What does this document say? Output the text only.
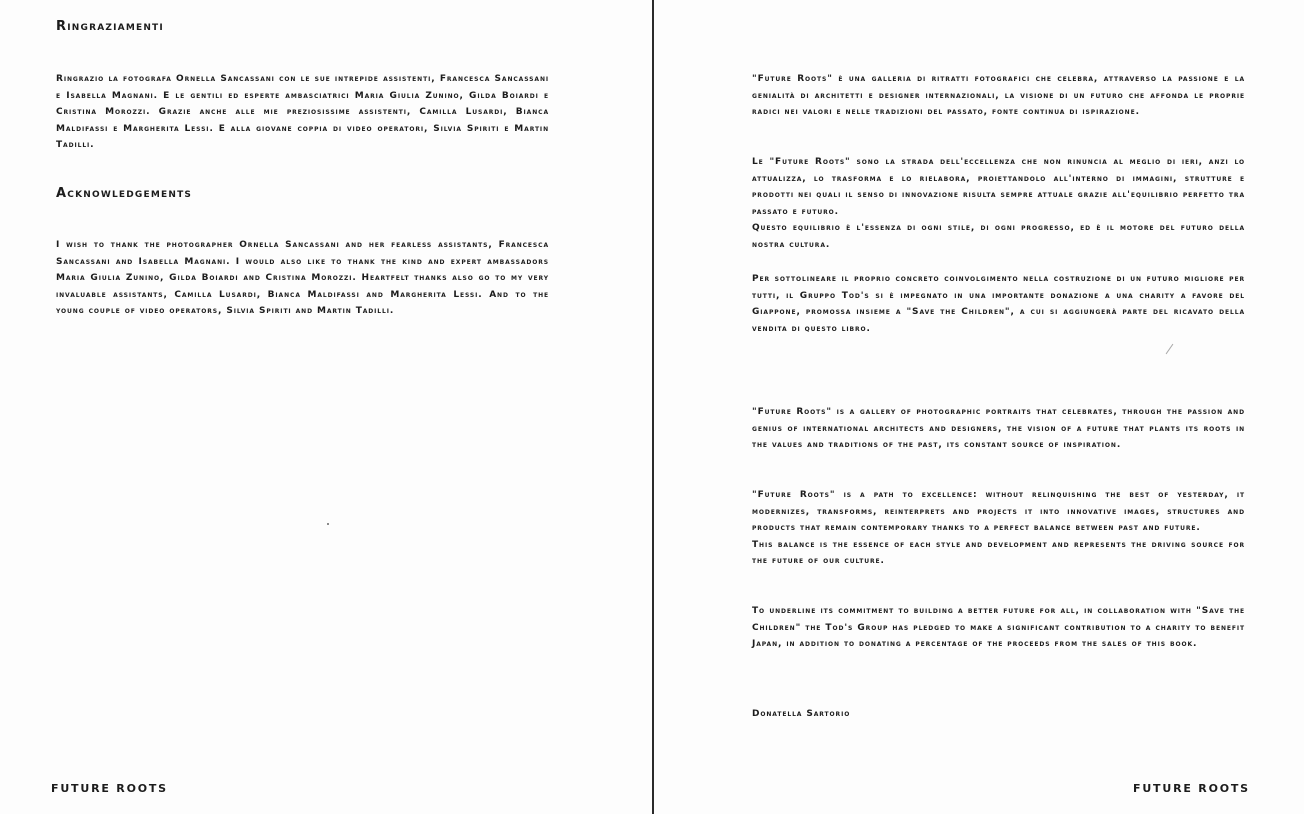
Ringraziamenti

Ringrazio la fotografa Ornella Sancassani con le sue intrepide assistenti, Francesca Sancassani e Isabella Magnani. E le gentili ed esperte ambasciatrici Maria Giulia Zunino, Gilda Boiardi e Cristina Morozzi. Grazie anche alle mie preziosissime assistenti, Camilla Lusardi, Bianca Maldifassi e Margherita Lessi. E alla giovane coppia di video operatori, Silvia Spiriti e Martin Tadilli.

Acknowledgements

I wish to thank the photographer Ornella Sancassani and her fearless assistants, Francesca Sancassani and Isabella Magnani. I would also like to thank the kind and expert ambassadors Maria Giulia Zunino, Gilda Boiardi and Cristina Morozzi. Heartfelt thanks also go to my very invaluable assistants, Camilla Lusardi, Bianca Maldifassi and Margherita Lessi. And to the young couple of video operators, Silvia Spiriti and Martin Tadilli.

FUTURE ROOTS

"Future Roots" è una galleria di ritratti fotografici che celebra, attraverso la passione e la genialità di architetti e designer internazionali, la visione di un futuro che affonda le proprie radici nei valori e nelle tradizioni del passato, fonte continua di ispirazione.

Le "Future Roots" sono la strada dell'eccellenza che non rinuncia al meglio di ieri, anzi lo attualizza, lo trasforma e lo rielabora, proiettandolo all'interno di immagini, strutture e prodotti nei quali il senso di innovazione risulta sempre attuale grazie all'equilibrio perfetto tra passato e futuro.
Questo equilibrio è l'essenza di ogni stile, di ogni progresso, ed è il motore del futuro della nostra cultura.

Per sottolineare il proprio concreto coinvolgimento nella costruzione di un futuro migliore per tutti, il Gruppo Tod's si è impegnato in una importante donazione a una charity a favore del Giappone, promossa insieme a "Save the Children", a cui si aggiungerà parte del ricavato della vendita di questo libro.

"Future Roots" is a gallery of photographic portraits that celebrates, through the passion and genius of international architects and designers, the vision of a future that plants its roots in the values and traditions of the past, its constant source of inspiration.

"Future Roots" is a path to excellence: without relinquishing the best of yesterday, it modernizes, transforms, reinterprets and projects it into innovative images, structures and products that remain contemporary thanks to a perfect balance between past and future.
This balance is the essence of each style and development and represents the driving source for the future of our culture.

To underline its commitment to building a better future for all, in collaboration with "Save the Children" the Tod's Group has pledged to make a significant contribution to a charity to benefit Japan, in addition to donating a percentage of the proceeds from the sales of this book.

Donatella Sartorio

FUTURE ROOTS
